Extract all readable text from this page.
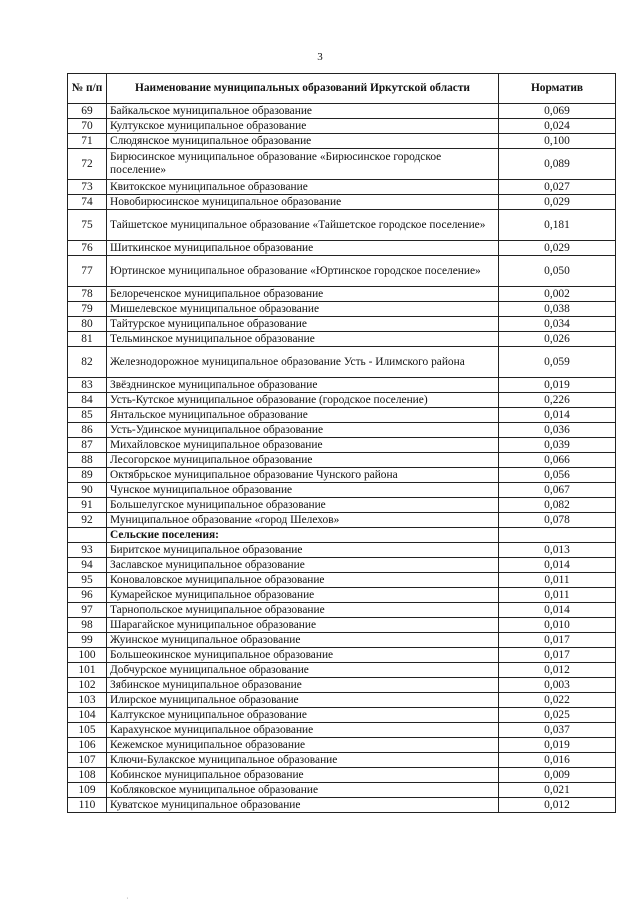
3
№ п/п	Наименование муниципальных образований Иркутской области	Норматив
69	Байкальское муниципальное образование	0,069
70	Култукское муниципальное образование	0,024
71	Слюдянское муниципальное образование	0,100
72	Бирюсинское муниципальное образование «Бирюсинское городское поселение»	0,089
73	Квитокское муниципальное образование	0,027
74	Новобирюсинское муниципальное образование	0,029
75	Тайшетское муниципальное образование «Тайшетское городское поселение»	0,181
76	Шиткинское муниципальное образование	0,029
77	Юртинское муниципальное образование «Юртинское городское поселение»	0,050
78	Белореченское муниципальное образование	0,002
79	Мишелевское муниципальное образование	0,038
80	Тайтурское муниципальное образование	0,034
81	Тельминское муниципальное образование	0,026
82	Железнодорожное муниципальное образование Усть - Илимского района	0,059
83	Звёзднинское муниципальное образование	0,019
84	Усть-Кутское муниципальное образование (городское поселение)	0,226
85	Янтальское муниципальное образование	0,014
86	Усть-Удинское муниципальное образование	0,036
87	Михайловское муниципальное образование	0,039
88	Лесогорское муниципальное образование	0,066
89	Октябрьское муниципальное образование Чунского района	0,056
90	Чунское муниципальное образование	0,067
91	Большелугское муниципальное образование	0,082
92	Муниципальное образование «город Шелехов»	0,078
	Сельские поселения:	
93	Биритское муниципальное образование	0,013
94	Заславское муниципальное образование	0,014
95	Коноваловское муниципальное образование	0,011
96	Кумарейское муниципальное образование	0,011
97	Тарнопольское муниципальное образование	0,014
98	Шарагайское муниципальное образование	0,010
99	Жуинское муниципальное образование	0,017
100	Большеокинское муниципальное образование	0,017
101	Добчурское муниципальное образование	0,012
102	Зябинское муниципальное образование	0,003
103	Илирское муниципальное образование	0,022
104	Калтукское муниципальное образование	0,025
105	Карахунское муниципальное образование	0,037
106	Кежемское муниципальное образование	0,019
107	Ключи-Булакское муниципальное образование	0,016
108	Кобинское муниципальное образование	0,009
109	Кобляковское муниципальное образование	0,021
110	Куватское муниципальное образование	0,012
˙
